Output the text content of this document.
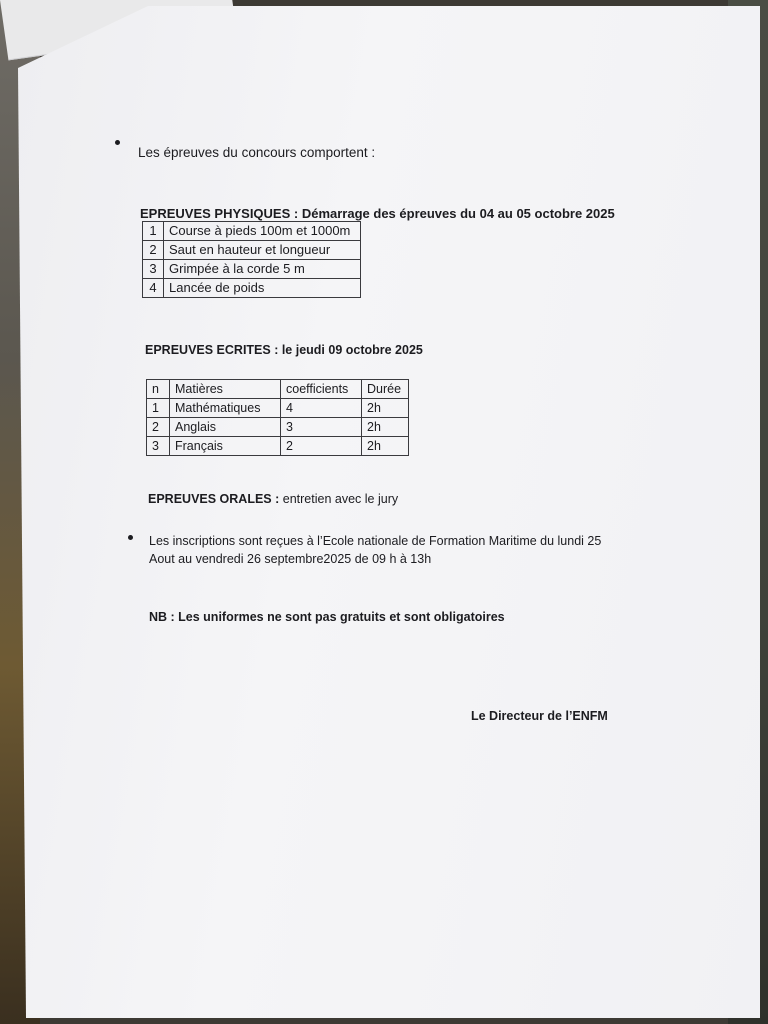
Les épreuves du concours comportent :
EPREUVES PHYSIQUES : Démarrage des épreuves du 04 au 05 octobre 2025
1	Course à pieds 100m et 1000m
2	Saut en hauteur et longueur
3	Grimpée à la corde 5 m
4	Lancée de poids
EPREUVES ECRITES : le jeudi 09 octobre 2025
n	Matières	coefficients	Durée
1	Mathématiques	4	2h
2	Anglais	3	2h
3	Français	2	2h
EPREUVES ORALES : entretien avec le jury
Les inscriptions sont reçues à l’Ecole nationale de Formation Maritime du lundi 25
Aout au vendredi 26 septembre2025 de 09 h à 13h
NB : Les uniformes ne sont pas gratuits et sont obligatoires
Le Directeur de l’ENFM
